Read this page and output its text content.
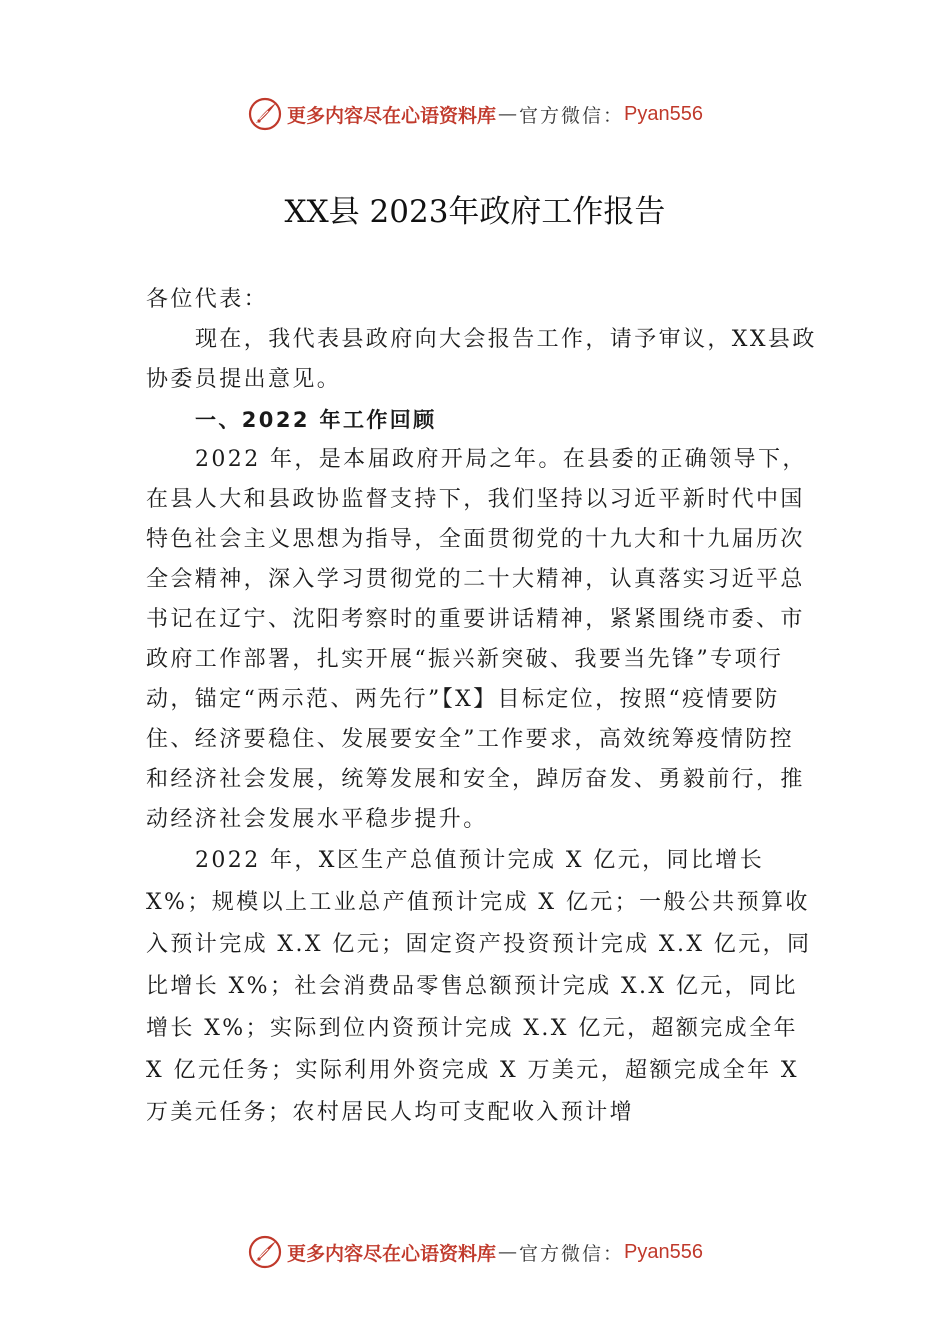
更多内容尽在心语资料库 — 官方微信： Pyan556
XX县 2023年政府工作报告

各位代表：

现在，我代表县政府向大会报告工作，请予审议，XX县政协委员提出意见。

一、2022 年工作回顾

2022 年，是本届政府开局之年。在县委的正确领导下，在县人大和县政协监督支持下，我们坚持以习近平新时代中国特色社会主义思想为指导，全面贯彻党的十九大和十九届历次全会精神，深入学习贯彻党的二十大精神，认真落实习近平总书记在辽宁、沈阳考察时的重要讲话精神，紧紧围绕市委、市政府工作部署，扎实开展“振兴新突破、我要当先锋”专项行动，锚定“两示范、两先行”【X】目标定位，按照“疫情要防住、经济要稳住、发展要安全”工作要求，高效统筹疫情防控和经济社会发展，统筹发展和安全，踔厉奋发、勇毅前行，推动经济社会发展水平稳步提升。

2022 年，X区生产总值预计完成 X 亿元，同比增长 X%；规模以上工业总产值预计完成 X 亿元；一般公共预算收入预计完成 X.X 亿元；固定资产投资预计完成 X.X 亿元，同比增长 X%；社会消费品零售总额预计完成 X.X 亿元，同比增长 X%；实际到位内资预计完成 X.X 亿元，超额完成全年 X 亿元任务；实际利用外资完成 X 万美元，超额完成全年 X 万美元任务；农村居民人均可支配收入预计增

更多内容尽在心语资料库 — 官方微信： Pyan556
